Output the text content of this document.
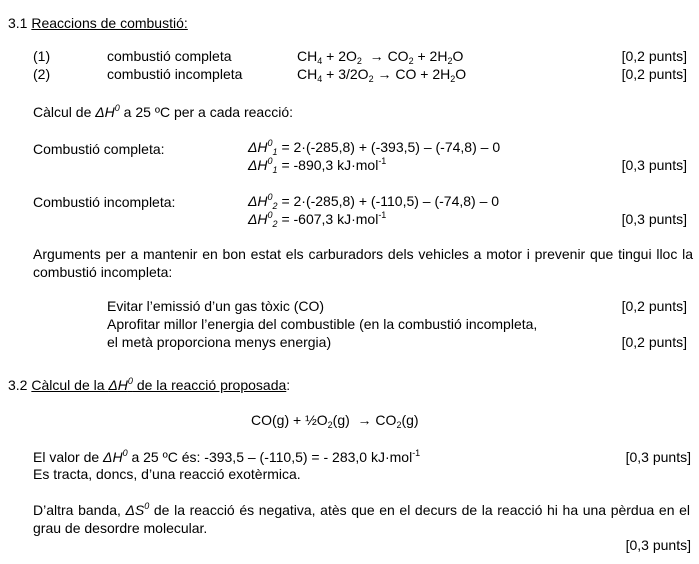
3.1 Reaccions de combustió:
(1)	combustió completa	$CH_4 + 2O_2 \to CO_2 + 2H_2O$	[0,2 punts]
(2)	combustió incompleta	$CH_4 + 3/2O_2$ → CO + $2H_2O$	[0,2 punts]
Càlcul de $\Delta H^0$ a 25 ºC per a cada reacció:
Combustió completa:	$\Delta H^0_1 = 2\cdot(-285,8) + (-393,5) - (-74,8) - 0$
$\Delta H^0_1 = -890,3$ kJ·mol$^{-1}$	[0,3 punts]
Combustió incompleta:	$\Delta H^0_2 = 2\cdot(-285,8) + (-110,5) - (-74,8) - 0$
$\Delta H^0_2 = -607,3$ kJ·mol$^{-1}$	[0,3 punts]
Arguments per a mantenir en bon estat els carburadors dels vehicles a motor i prevenir que tingui lloc la combustió incompleta:
Evitar l’emissió d’un gas tòxic (CO)	[0,2 punts]
Aprofitar millor l’energia del combustible (en la combustió incompleta,
el metà proporciona menys energia)	[0,2 punts]
3.2 Càlcul de la $\Delta H^0$ de la reacció proposada:
$CO(g) + \frac{1}{2}O_2(g) \to CO_2(g)$
El valor de $\Delta H^0$ a 25 ºC és: -393,5 – (-110,5) = - 283,0 kJ·mol$^{-1}$	[0,3 punts]
Es tracta, doncs, d’una reacció exotèrmica.
D’altra banda, $\Delta S^0$ de la reacció és negativa, atès que en el decurs de la reacció hi ha una pèrdua en el grau de desordre molecular.
[0,3 punts]
